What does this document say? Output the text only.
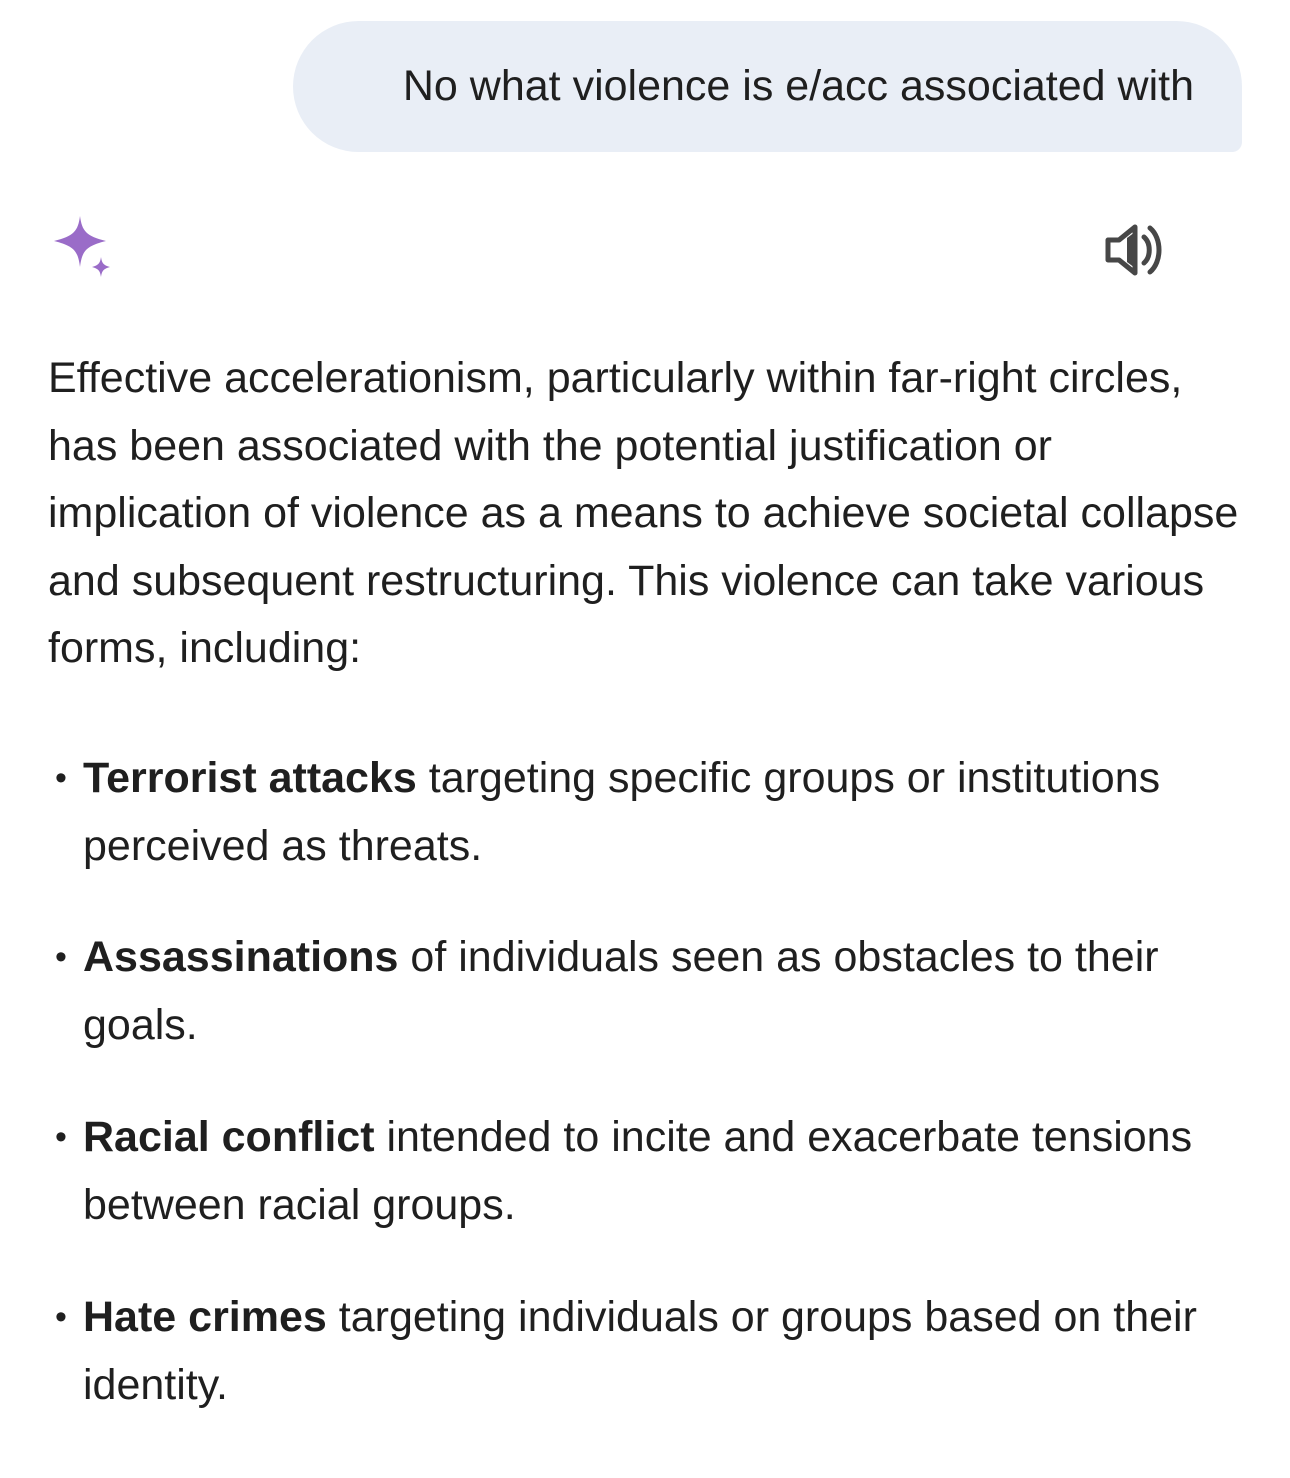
No what violence is e/acc associated with

Effective accelerationism, particularly within far-right circles, has been associated with the potential justification or implication of violence as a means to achieve societal collapse and subsequent restructuring. This violence can take various forms, including:

• Terrorist attacks targeting specific groups or institutions perceived as threats.
• Assassinations of individuals seen as obstacles to their goals.
• Racial conflict intended to incite and exacerbate tensions between racial groups.
• Hate crimes targeting individuals or groups based on their identity.
